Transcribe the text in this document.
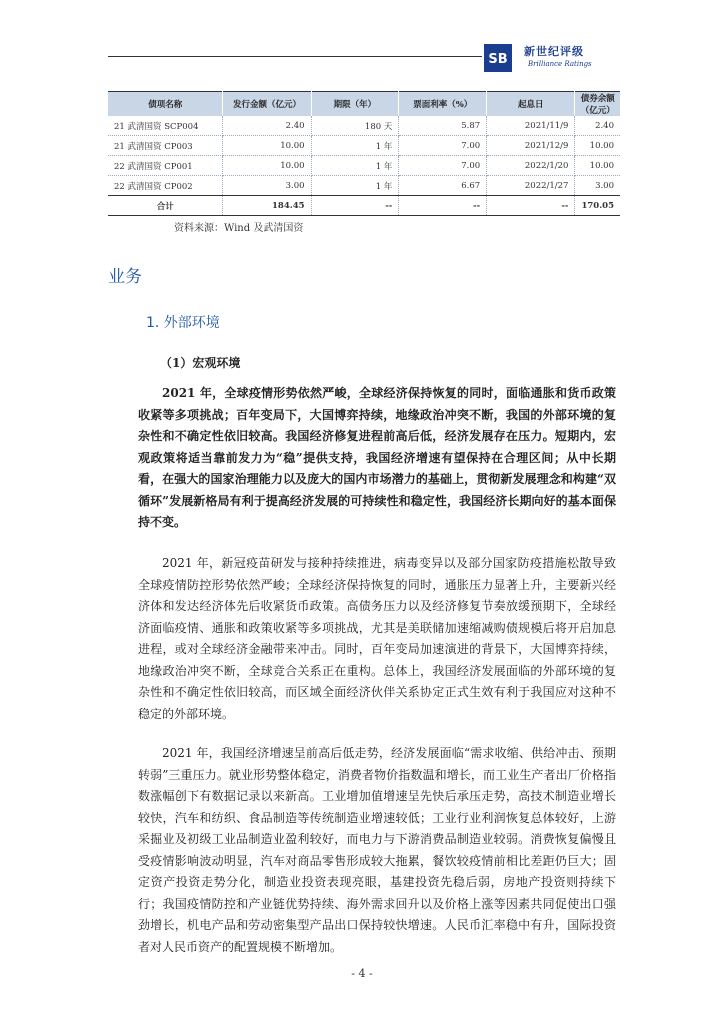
SB
新世纪评级
Brilliance Ratings
债项名称	发行金额（亿元）	期限（年）	票面利率（%）	起息日	债券余额（亿元）
21 武清国资 SCP004	2.40	180 天	5.87	2021/11/9	2.40
21 武清国资 CP003	10.00	1 年	7.00	2021/12/9	10.00
22 武清国资 CP001	10.00	1 年	7.00	2022/1/20	10.00
22 武清国资 CP002	3.00	1 年	6.67	2022/1/27	3.00
合计	184.45	--	--	--	170.05
资料来源：Wind 及武清国资
业务
1. 外部环境
（1）宏观环境

2021 年，全球疫情形势依然严峻，全球经济保持恢复的同时，面临通胀和货币政策收紧等多项挑战；百年变局下，大国博弈持续，地缘政治冲突不断，我国的外部环境的复杂性和不确定性依旧较高。我国经济修复进程前高后低，经济发展存在压力。短期内，宏观政策将适当靠前发力为“稳”提供支持，我国经济增速有望保持在合理区间；从中长期看，在强大的国家治理能力以及庞大的国内市场潜力的基础上，贯彻新发展理念和构建“双循环”发展新格局有利于提高经济发展的可持续性和稳定性，我国经济长期向好的基本面保持不变。

2021 年，新冠疫苗研发与接种持续推进，病毒变异以及部分国家防疫措施松散导致全球疫情防控形势依然严峻；全球经济保持恢复的同时，通胀压力显著上升，主要新兴经济体和发达经济体先后收紧货币政策。高债务压力以及经济修复节奏放缓预期下，全球经济面临疫情、通胀和政策收紧等多项挑战，尤其是美联储加速缩减购债规模后将开启加息进程，或对全球经济金融带来冲击。同时，百年变局加速演进的背景下，大国博弈持续，地缘政治冲突不断，全球竞合关系正在重构。总体上，我国经济发展面临的外部环境的复杂性和不确定性依旧较高，而区域全面经济伙伴关系协定正式生效有利于我国应对这种不稳定的外部环境。

2021 年，我国经济增速呈前高后低走势，经济发展面临“需求收缩、供给冲击、预期转弱”三重压力。就业形势整体稳定，消费者物价指数温和增长，而工业生产者出厂价格指数涨幅创下有数据记录以来新高。工业增加值增速呈先快后承压走势，高技术制造业增长较快，汽车和纺织、食品制造等传统制造业增速较低；工业行业利润恢复总体较好，上游采掘业及初级工业品制造业盈利较好，而电力与下游消费品制造业较弱。消费恢复偏慢且受疫情影响波动明显，汽车对商品零售形成较大拖累，餐饮较疫情前相比差距仍巨大；固定资产投资走势分化，制造业投资表现亮眼，基建投资先稳后弱，房地产投资则持续下行；我国疫情防控和产业链优势持续、海外需求回升以及价格上涨等因素共同促使出口强劲增长，机电产品和劳动密集型产品出口保持较快增速。人民币汇率稳中有升，国际投资者对人民币资产的配置规模不断增加。

- 4 -
